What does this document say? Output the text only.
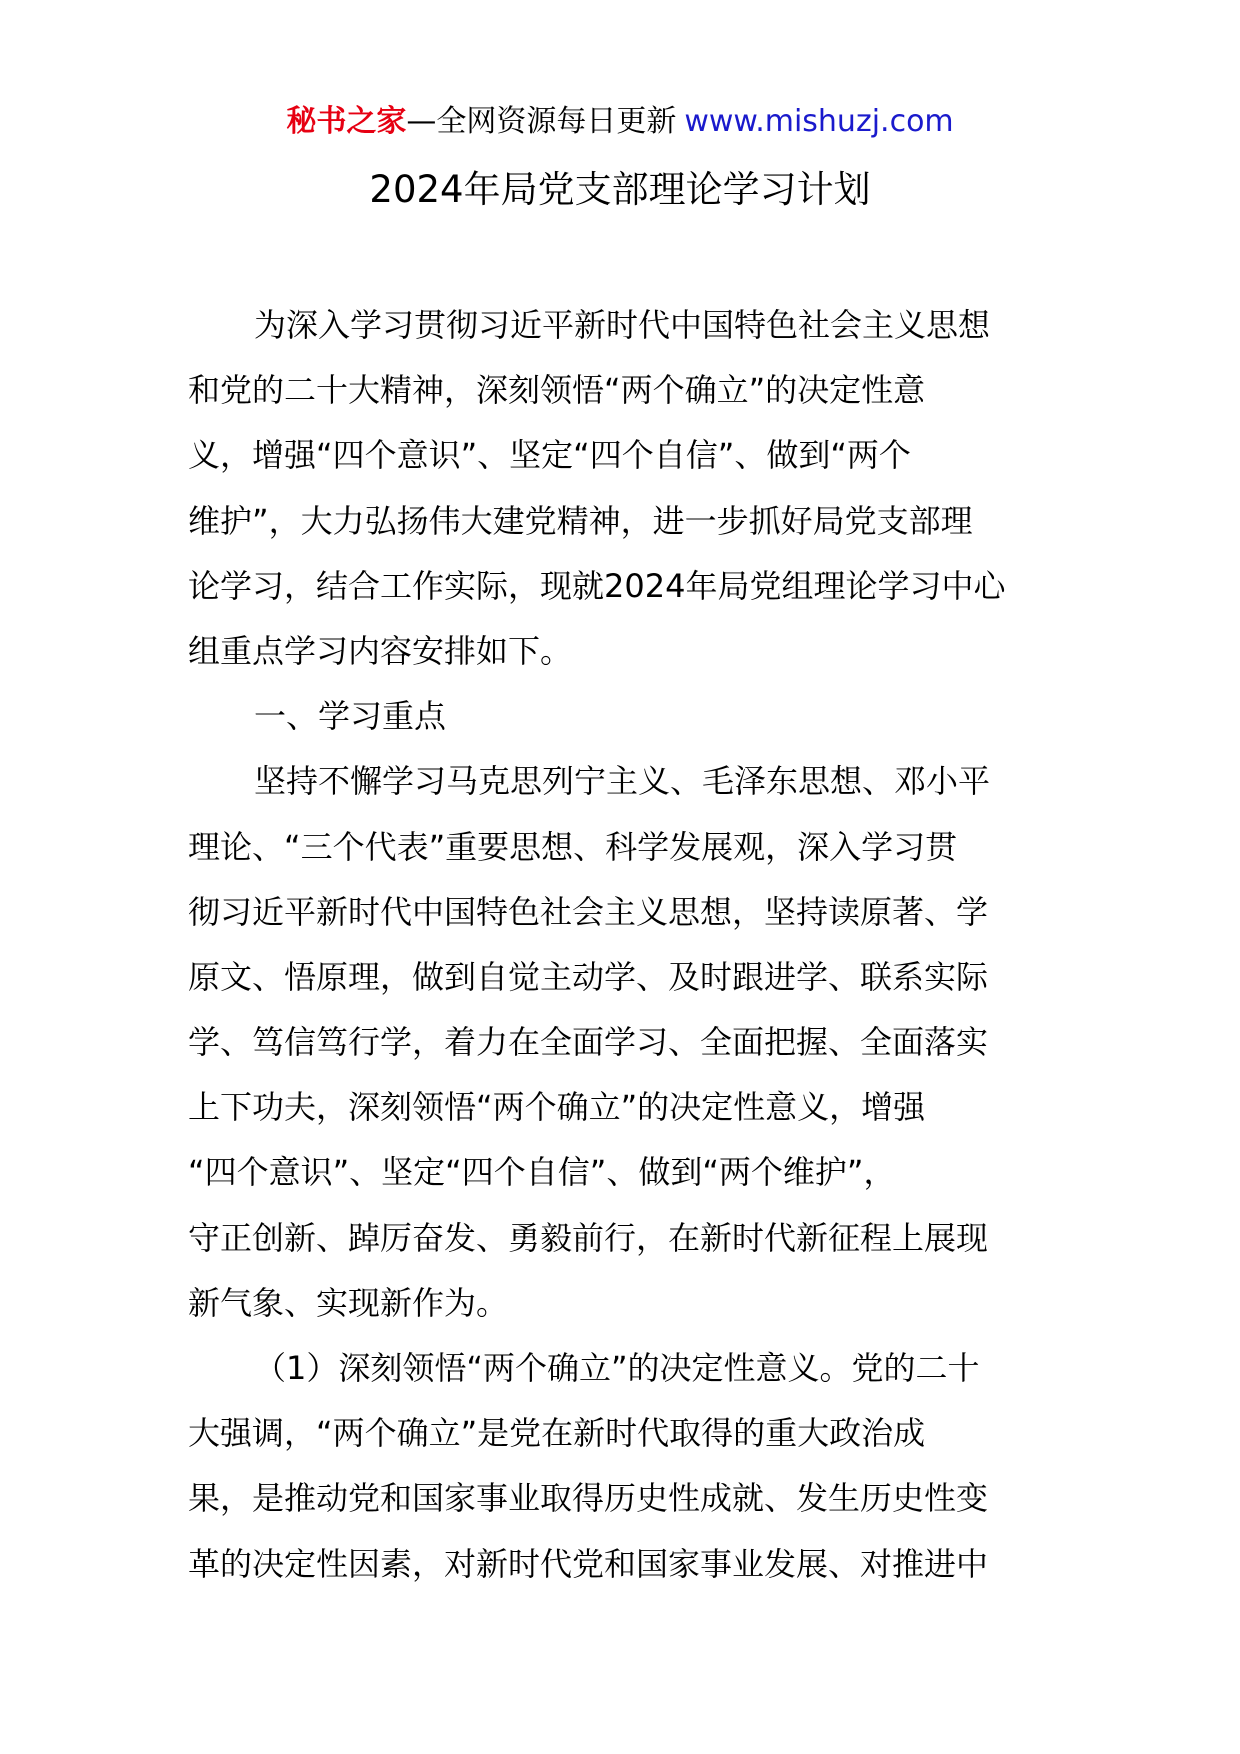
秘书之家—全网资源每日更新 www.mishuzj.com
2024年局党支部理论学习计划
为深入学习贯彻习近平新时代中国特色社会主义思想
和党的二十大精神，深刻领悟“两个确立”的决定性意
义，增强“四个意识”、坚定“四个自信”、做到“两个
维护”，大力弘扬伟大建党精神，进一步抓好局党支部理
论学习，结合工作实际，现就2024年局党组理论学习中心
组重点学习内容安排如下。
一、学习重点
坚持不懈学习马克思列宁主义、毛泽东思想、邓小平
理论、“三个代表”重要思想、科学发展观，深入学习贯
彻习近平新时代中国特色社会主义思想，坚持读原著、学
原文、悟原理，做到自觉主动学、及时跟进学、联系实际
学、笃信笃行学，着力在全面学习、全面把握、全面落实
上下功夫，深刻领悟“两个确立”的决定性意义，增强
“四个意识”、坚定“四个自信”、做到“两个维护”，
守正创新、踔厉奋发、勇毅前行，在新时代新征程上展现
新气象、实现新作为。
（1）深刻领悟“两个确立”的决定性意义。党的二十
大强调，“两个确立”是党在新时代取得的重大政治成
果，是推动党和国家事业取得历史性成就、发生历史性变
革的决定性因素，对新时代党和国家事业发展、对推进中
